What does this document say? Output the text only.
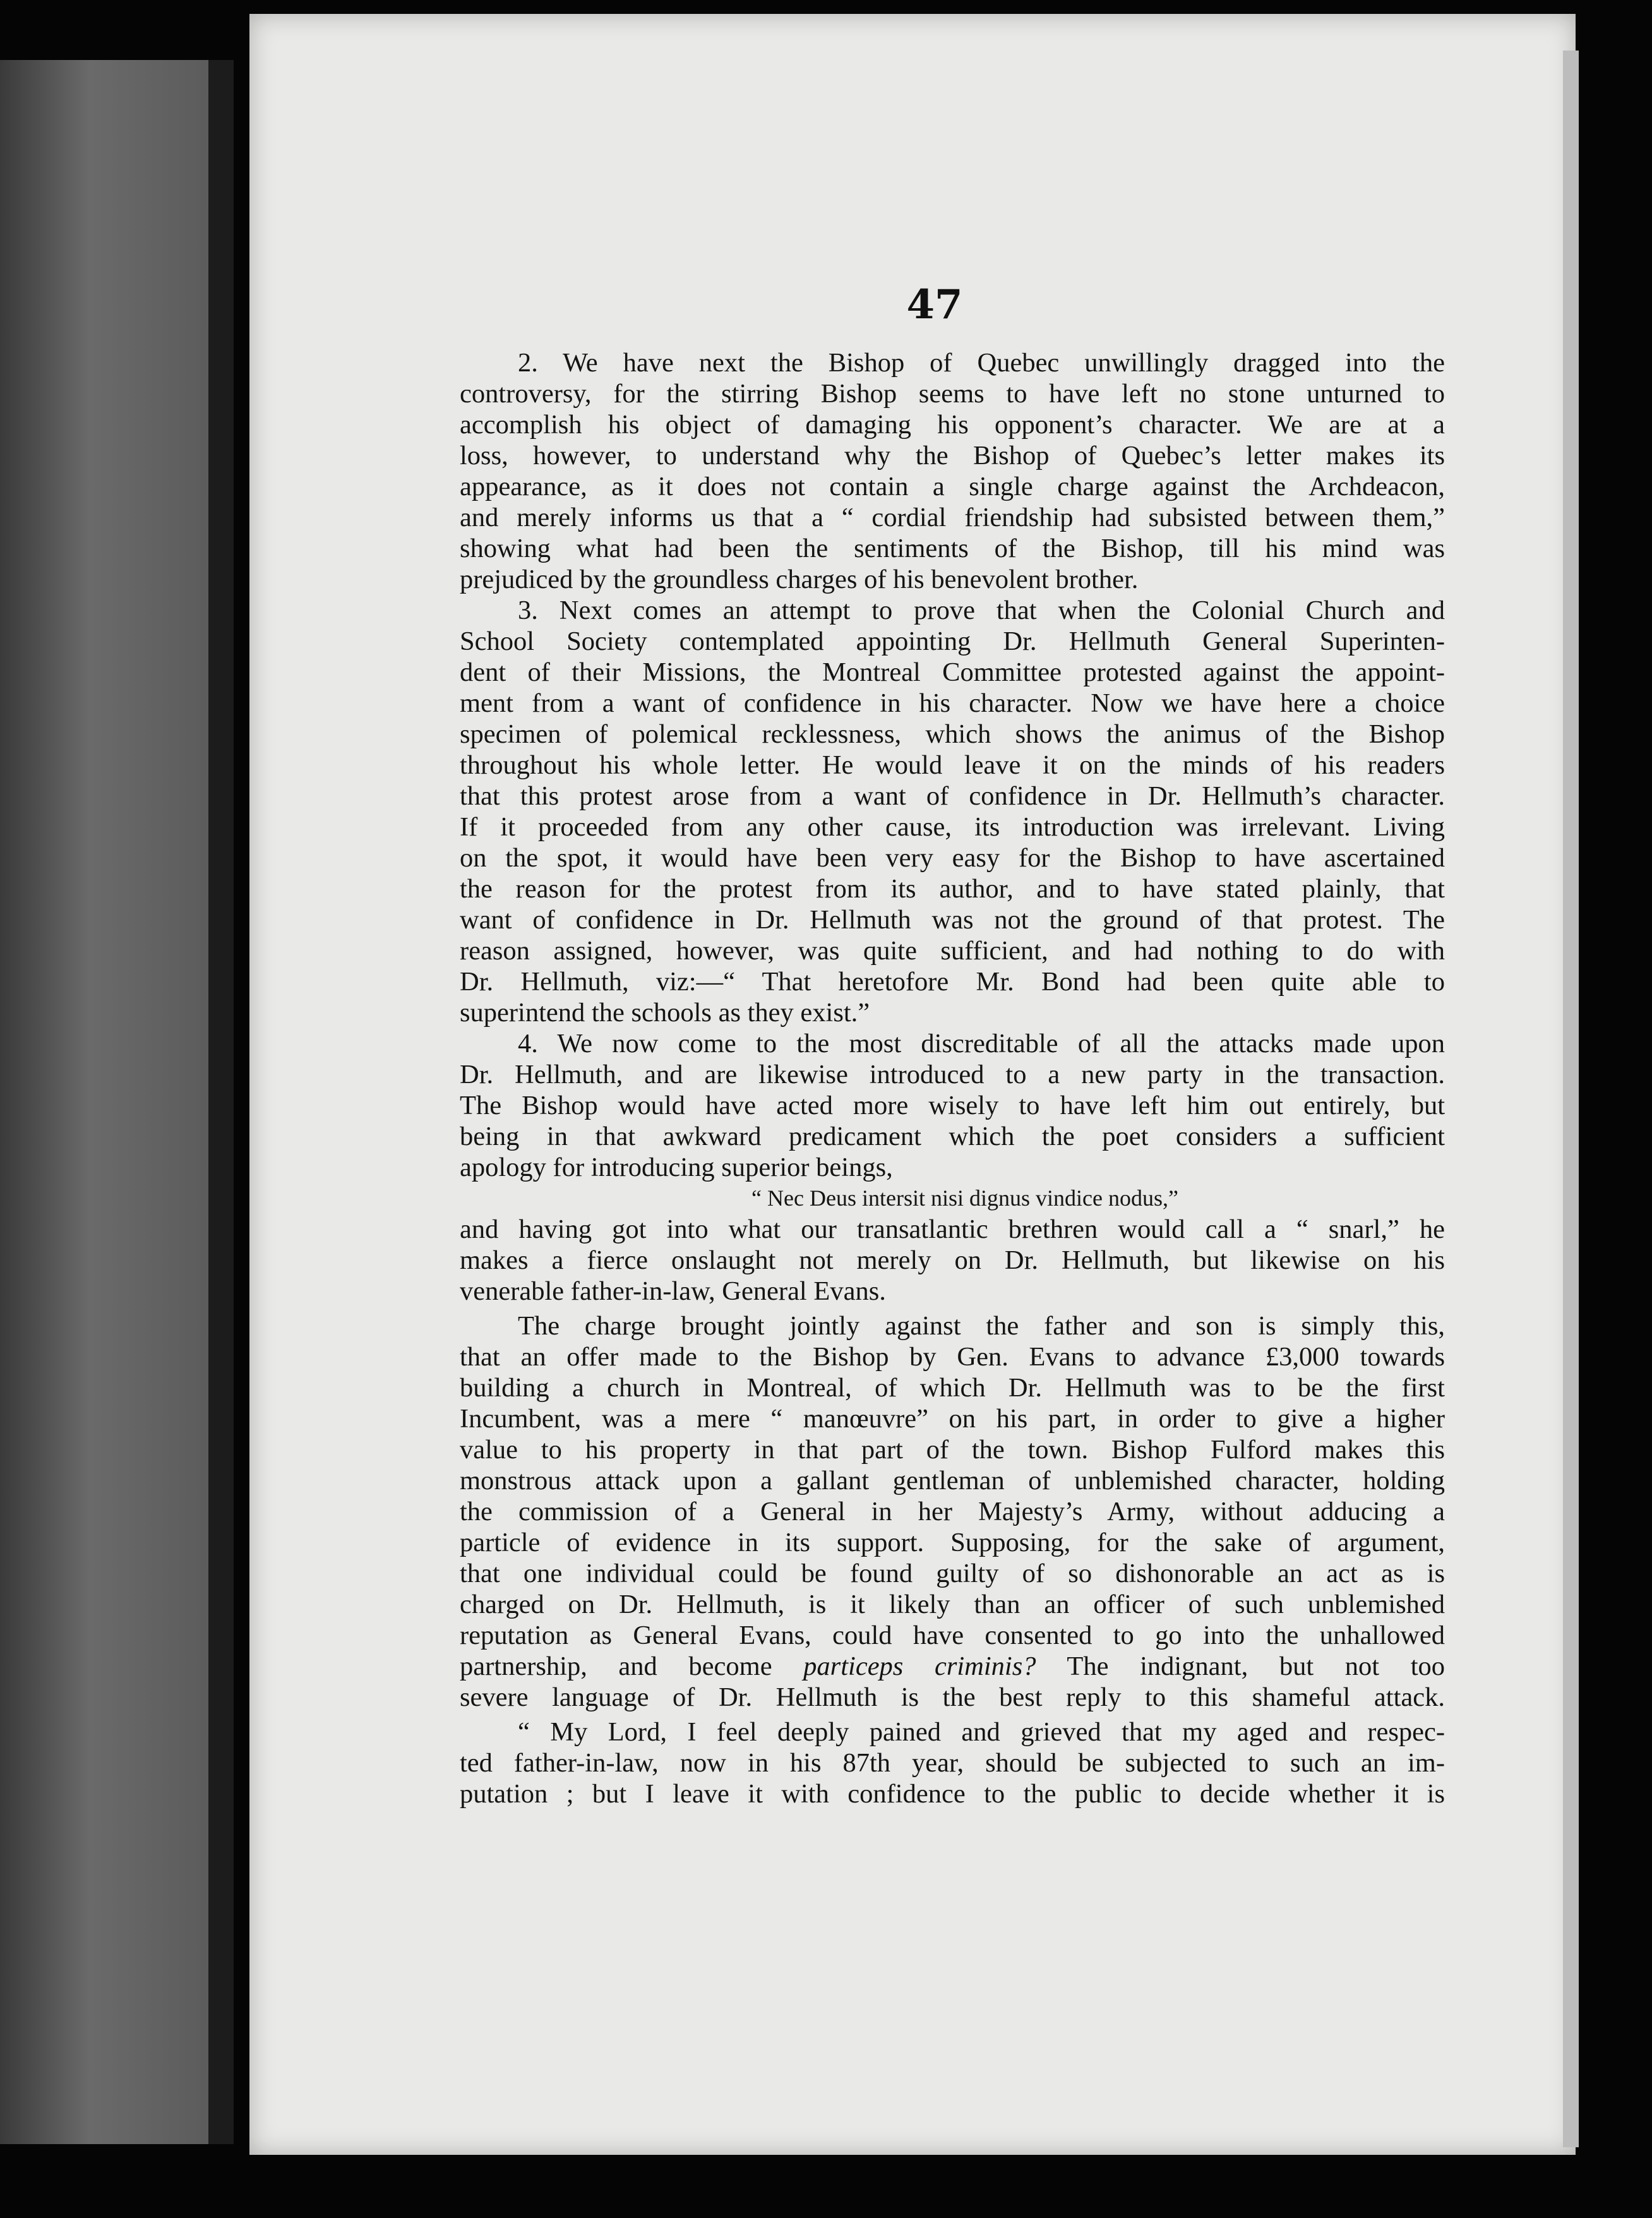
47
2. We have next the Bishop of Quebec unwillingly dragged into the
controversy, for the stirring Bishop seems to have left no stone unturned to
accomplish his object of damaging his opponent’s character. We are at a
loss, however, to understand why the Bishop of Quebec’s letter makes its
appearance, as it does not contain a single charge against the Archdeacon,
and merely informs us that a “ cordial friendship had subsisted between them,”
showing what had been the sentiments of the Bishop, till his mind was
prejudiced by the groundless charges of his benevolent brother.
3. Next comes an attempt to prove that when the Colonial Church and
School Society contemplated appointing Dr. Hellmuth General Superinten-
dent of their Missions, the Montreal Committee protested against the appoint-
ment from a want of confidence in his character. Now we have here a choice
specimen of polemical recklessness, which shows the animus of the Bishop
throughout his whole letter. He would leave it on the minds of his readers
that this protest arose from a want of confidence in Dr. Hellmuth’s character.
If it proceeded from any other cause, its introduction was irrelevant. Living
on the spot, it would have been very easy for the Bishop to have ascertained
the reason for the protest from its author, and to have stated plainly, that
want of confidence in Dr. Hellmuth was not the ground of that protest. The
reason assigned, however, was quite sufficient, and had nothing to do with
Dr. Hellmuth, viz:—“ That heretofore Mr. Bond had been quite able to
superintend the schools as they exist.”
4. We now come to the most discreditable of all the attacks made upon
Dr. Hellmuth, and are likewise introduced to a new party in the transaction.
The Bishop would have acted more wisely to have left him out entirely, but
being in that awkward predicament which the poet considers a sufficient
apology for introducing superior beings,
“ Nec Deus intersit nisi dignus vindice nodus,”
and having got into what our transatlantic brethren would call a “ snarl,” he
makes a fierce onslaught not merely on Dr. Hellmuth, but likewise on his
venerable father-in-law, General Evans.
The charge brought jointly against the father and son is simply this,
that an offer made to the Bishop by Gen. Evans to advance £3,000 towards
building a church in Montreal, of which Dr. Hellmuth was to be the first
Incumbent, was a mere “ manœuvre” on his part, in order to give a higher
value to his property in that part of the town. Bishop Fulford makes this
monstrous attack upon a gallant gentleman of unblemished character, holding
the commission of a General in her Majesty’s Army, without adducing a
particle of evidence in its support. Supposing, for the sake of argument,
that one individual could be found guilty of so dishonorable an act as is
charged on Dr. Hellmuth, is it likely than an officer of such unblemished
reputation as General Evans, could have consented to go into the unhallowed
partnership, and become particeps criminis? The indignant, but not too
severe language of Dr. Hellmuth is the best reply to this shameful attack.
“ My Lord, I feel deeply pained and grieved that my aged and respec-
ted father-in-law, now in his 87th year, should be subjected to such an im-
putation ; but I leave it with confidence to the public to decide whether it is
